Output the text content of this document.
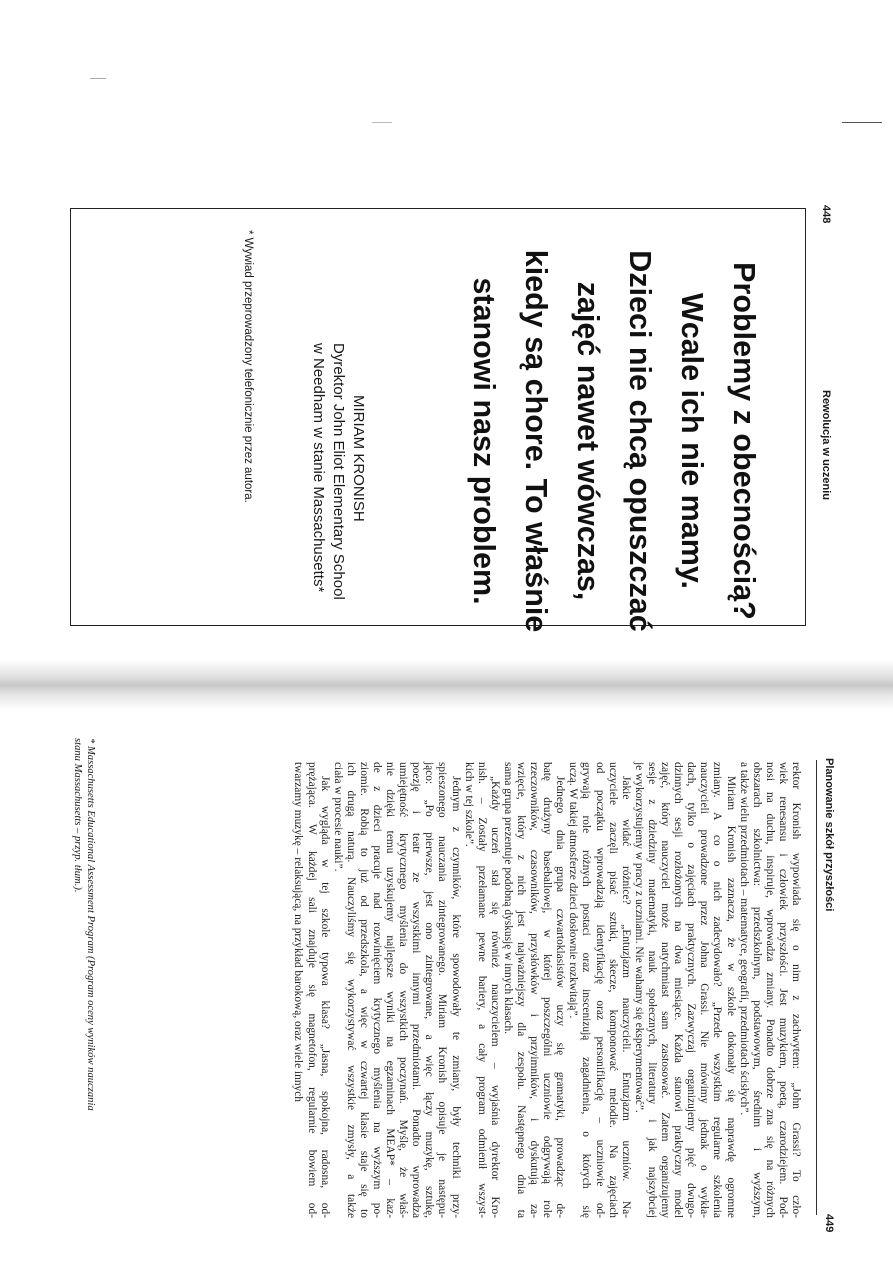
448
Rewolucja w uczeniu
Problemy z obecnością?
Wcale ich nie mamy.
Dzieci nie chcą opuszczać
zajęć nawet wówczas,
kiedy są chore. To właśnie
stanowi nasz problem.
MIRIAM KRONISH
Dyrektor John Eliot Elementary School
w Needham w stanie Massachusetts*
* Wywiad przeprowadzony telefonicznie przez autora.
Planowanie szkół przyszłości
449
rektor Kronish wypowiada się o nim z zachwytem: „John Grassi? To czło-
wiek renesansu i człowiek przyszłości. Jest muzykiem, poetą, czarodziejem. Pod-
nosi na duchu, inspiruje, wprowadza zmiany. Ponadto dobrze zna się na różnych
obszarach szkolnictwa: przedszkolnym, podstawowym, średnim i wyższym,
a także wielu przedmiotach – matematyce, geografii, przedmiotach ścisłych”.
Miriam Kronish zaznacza, że w szkole dokonały się naprawdę ogromne
zmiany. A co o nich zadecydowało? „Przede wszystkim regularne szkolenia
nauczycieli prowadzone przez Johna Grassi. Nie mówimy jednak o wykła-
dach, tylko o zajęciach praktycznych. Zazwyczaj organizujemy pięć dwugo-
dzinnych sesji rozłożonych na dwa miesiące. Każda stanowi praktyczny model
zajęć, który nauczyciel może natychmiast sam zastosować. Zatem organizujemy
sesje z dziedziny matematyki, nauk społecznych, literatury i jak najszybciej
je wykorzystujemy w pracy z uczniami. Nie wahamy się eksperymentować”.
Jakie widać różnice? „Entuzjazm nauczycieli. Entuzjazm uczniów. Na-
uczyciele zaczęli pisać sztuki, skecze, komponować melodie. Na zajęciach
od początku wprowadzają identyfikację oraz personifikację – uczniowie od-
grywają role różnych postaci oraz inscenizują zagadnienia, o których się
uczą. W takiej atmosferze dzieci dosłownie rozkwitają”.
Jednego dnia grupa czwartoklasistów uczy się gramatyki, prowadząc de-
batę drużyny baseballowej, w której poszczególni uczniowie odgrywają role
rzeczowników, czasowników, przysłówków i przyimników, i dyskutują za-
wzięcie, który z nich jest najważniejszy dla zespołu. Następnego dnia ta
sama grupa prezentuje podobną dyskusję w innych klasach.
„Każdy uczeń stał się również nauczycielem – wyjaśnia dyrektor Kro-
nish. – Zostały przełamane pewne bariery, a cały program odmienił wszyst-
kich w tej szkole”.
Jednym z czynników, które spowodowały te zmiany, były techniki przy-
spieszonego nauczania zintegrowanego. Miriam Kronish opisuje je następu-
jąco: „Po pierwsze, jest ono zintegrowane, a więc łączy muzykę, sztukę,
poezję i teatr ze wszystkimi innymi przedmiotami. Ponadto wprowadza
umiejętność krytycznego myślenia do wszystkich poczynań. Myślę, że właś-
nie dzięki temu uzyskujemy najlepsze wyniki na egzaminach MEAP* – kaz-
de z dzieci pracuje nad rozwinięciem krytycznego myślenia na wyższym po-
ziomie. Robią to już od przedszkola, a więc w czwartej klasie staje się to
ich drugą naturą. Nauczyliśmy się wykorzystywać wszystkie zmysły, a także
ciała w procesie nauki”.
Jak wygląda w tej szkole typowa klasa? „Jasna, spokojna, radosna, od-
prężająca. W każdej sali znajduje się magnetofon, regularnie bowiem od-
twarzamy muzykę – relaksującą, na przykład barokową, oraz wiele innych
* Massachusetts Educational Assessment Program (Program oceny wyników nauczania
stanu Massachusetts – przyp. tłum.).
